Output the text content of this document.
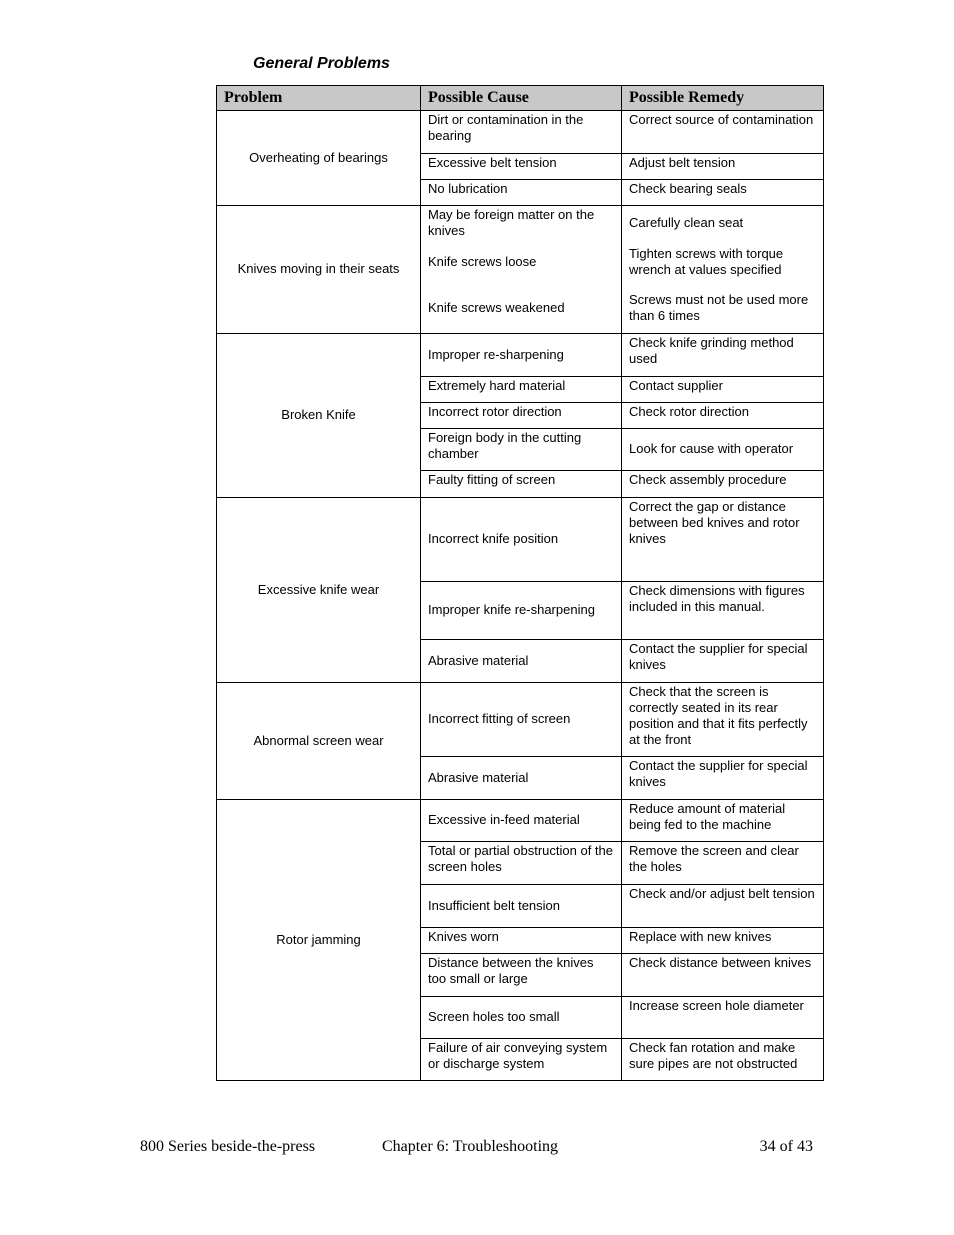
General Problems
Problem	Possible Cause	Possible Remedy
Overheating of bearings	Dirt or contamination in the bearing	Correct source of contamination
	Excessive belt tension	Adjust belt tension
	No lubrication	Check bearing seals
Knives moving in their seats	May be foreign matter on the knives	Carefully clean seat
	Knife screws loose	Tighten screws with torque wrench at values specified
	Knife screws weakened	Screws must not be used more than 6 times
Broken Knife	Improper re-sharpening	Check knife grinding method used
	Extremely hard material	Contact supplier
	Incorrect rotor direction	Check rotor direction
	Foreign body in the cutting chamber	Look for cause with operator
	Faulty fitting of screen	Check assembly procedure
Excessive knife wear	Incorrect knife position	Correct the gap or distance between bed knives and rotor knives
	Improper knife re-sharpening	Check dimensions with figures included in this manual.
	Abrasive material	Contact the supplier for special knives
Abnormal screen wear	Incorrect fitting of screen	Check that the screen is correctly seated in its rear position and that it fits perfectly at the front
	Abrasive material	Contact the supplier for special knives
Rotor jamming	Excessive in-feed material	Reduce amount of material being fed to the machine
	Total or partial obstruction of the screen holes	Remove the screen and clear the holes
	Insufficient belt tension	Check and/or adjust belt tension
	Knives worn	Replace with new knives
	Distance between the knives too small or large	Check distance between knives
	Screen holes too small	Increase screen hole diameter
	Failure of air conveying system or discharge system	Check fan rotation and make sure pipes are not obstructed
800 Series beside-the-press	Chapter 6: Troubleshooting	34 of 43
